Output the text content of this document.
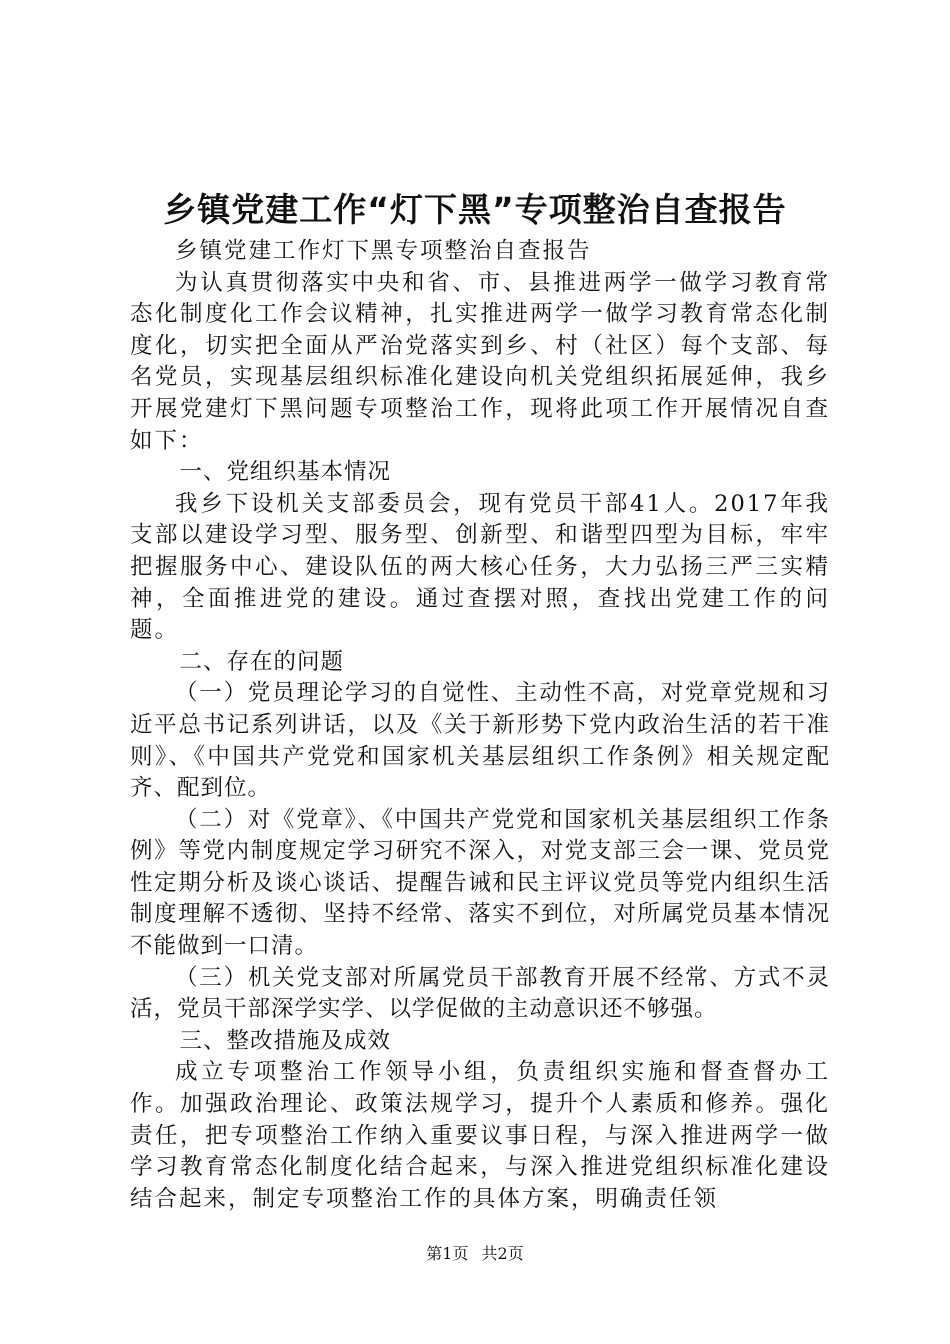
乡镇党建工作“灯下黑”专项整治自查报告

乡镇党建工作灯下黑专项整治自查报告

为认真贯彻落实中央和省、市、县推进两学一做学习教育常态化制度化工作会议精神，扎实推进两学一做学习教育常态化制度化，切实把全面从严治党落实到乡、村（社区）每个支部、每名党员，实现基层组织标准化建设向机关党组织拓展延伸，我乡开展党建灯下黑问题专项整治工作，现将此项工作开展情况自查如下：

一、党组织基本情况

我乡下设机关支部委员会，现有党员干部41人。2017年我支部以建设学习型、服务型、创新型、和谐型四型为目标，牢牢把握服务中心、建设队伍的两大核心任务，大力弘扬三严三实精神，全面推进党的建设。通过查摆对照，查找出党建工作的问题。

二、存在的问题

（一）党员理论学习的自觉性、主动性不高，对党章党规和习近平总书记系列讲话，以及《关于新形势下党内政治生活的若干准则》、《中国共产党党和国家机关基层组织工作条例》相关规定配齐、配到位。

（二）对《党章》、《中国共产党党和国家机关基层组织工作条例》等党内制度规定学习研究不深入，对党支部三会一课、党员党性定期分析及谈心谈话、提醒告诫和民主评议党员等党内组织生活制度理解不透彻、坚持不经常、落实不到位，对所属党员基本情况不能做到一口清。

（三）机关党支部对所属党员干部教育开展不经常、方式不灵活，党员干部深学实学、以学促做的主动意识还不够强。

三、整改措施及成效

成立专项整治工作领导小组，负责组织实施和督查督办工作。加强政治理论、政策法规学习，提升个人素质和修养。强化责任，把专项整治工作纳入重要议事日程，与深入推进两学一做学习教育常态化制度化结合起来，与深入推进党组织标准化建设结合起来，制定专项整治工作的具体方案，明确责任领

第1页 共2页
